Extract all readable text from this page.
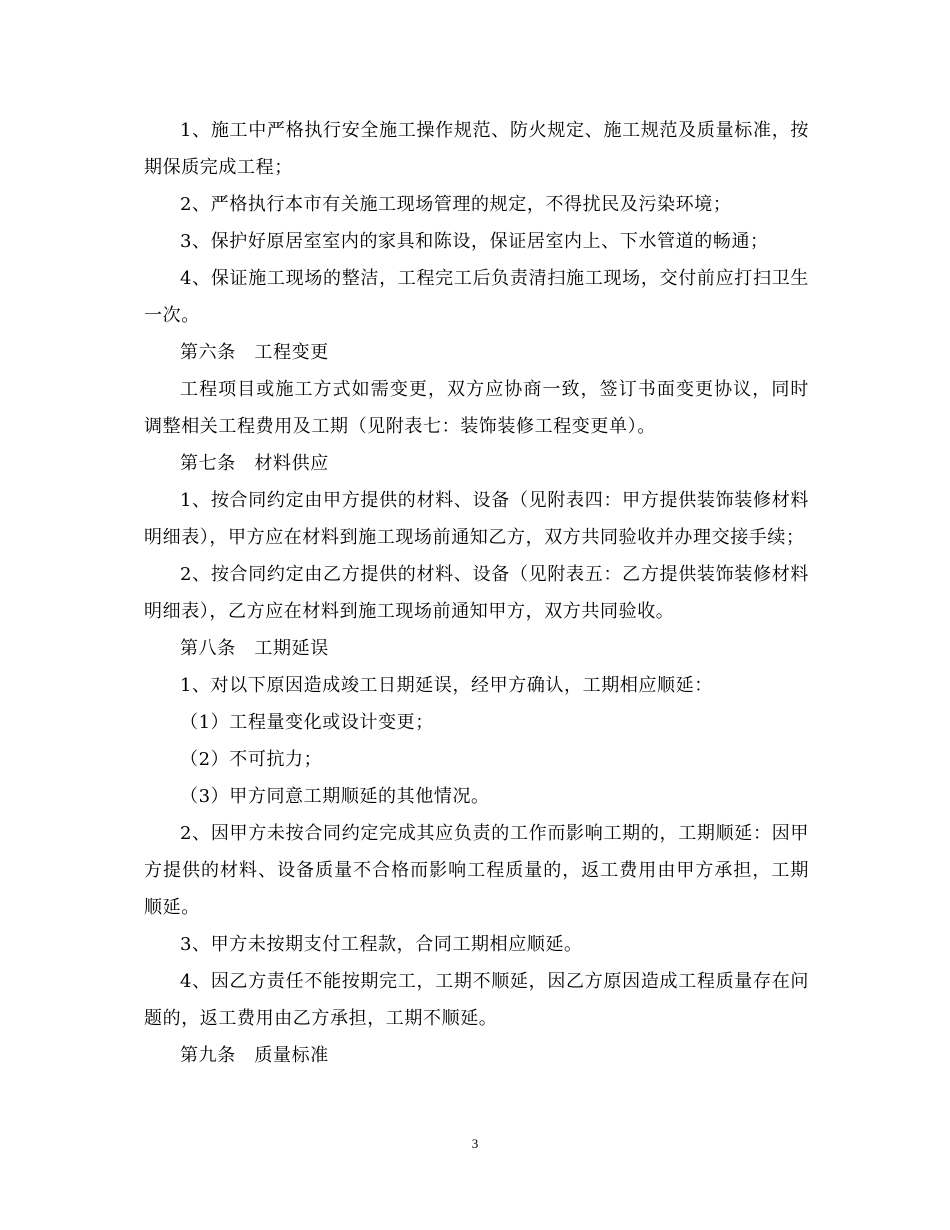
1、施工中严格执行安全施工操作规范、防火规定、施工规范及质量标准，按期保质完成工程；

2、严格执行本市有关施工现场管理的规定，不得扰民及污染环境；

3、保护好原居室室内的家具和陈设，保证居室内上、下水管道的畅通；

4、保证施工现场的整洁，工程完工后负责清扫施工现场，交付前应打扫卫生一次。

第六条　工程变更

工程项目或施工方式如需变更，双方应协商一致，签订书面变更协议，同时调整相关工程费用及工期（见附表七：装饰装修工程变更单）。

第七条　材料供应

1、按合同约定由甲方提供的材料、设备（见附表四：甲方提供装饰装修材料明细表），甲方应在材料到施工现场前通知乙方，双方共同验收并办理交接手续；

2、按合同约定由乙方提供的材料、设备（见附表五：乙方提供装饰装修材料明细表），乙方应在材料到施工现场前通知甲方，双方共同验收。

第八条　工期延误

1、对以下原因造成竣工日期延误，经甲方确认，工期相应顺延：

（1）工程量变化或设计变更；

（2）不可抗力；

（3）甲方同意工期顺延的其他情况。

2、因甲方未按合同约定完成其应负责的工作而影响工期的，工期顺延：因甲方提供的材料、设备质量不合格而影响工程质量的，返工费用由甲方承担，工期顺延。

3、甲方未按期支付工程款，合同工期相应顺延。

4、因乙方责任不能按期完工，工期不顺延，因乙方原因造成工程质量存在问题的，返工费用由乙方承担，工期不顺延。

第九条　质量标准

3
